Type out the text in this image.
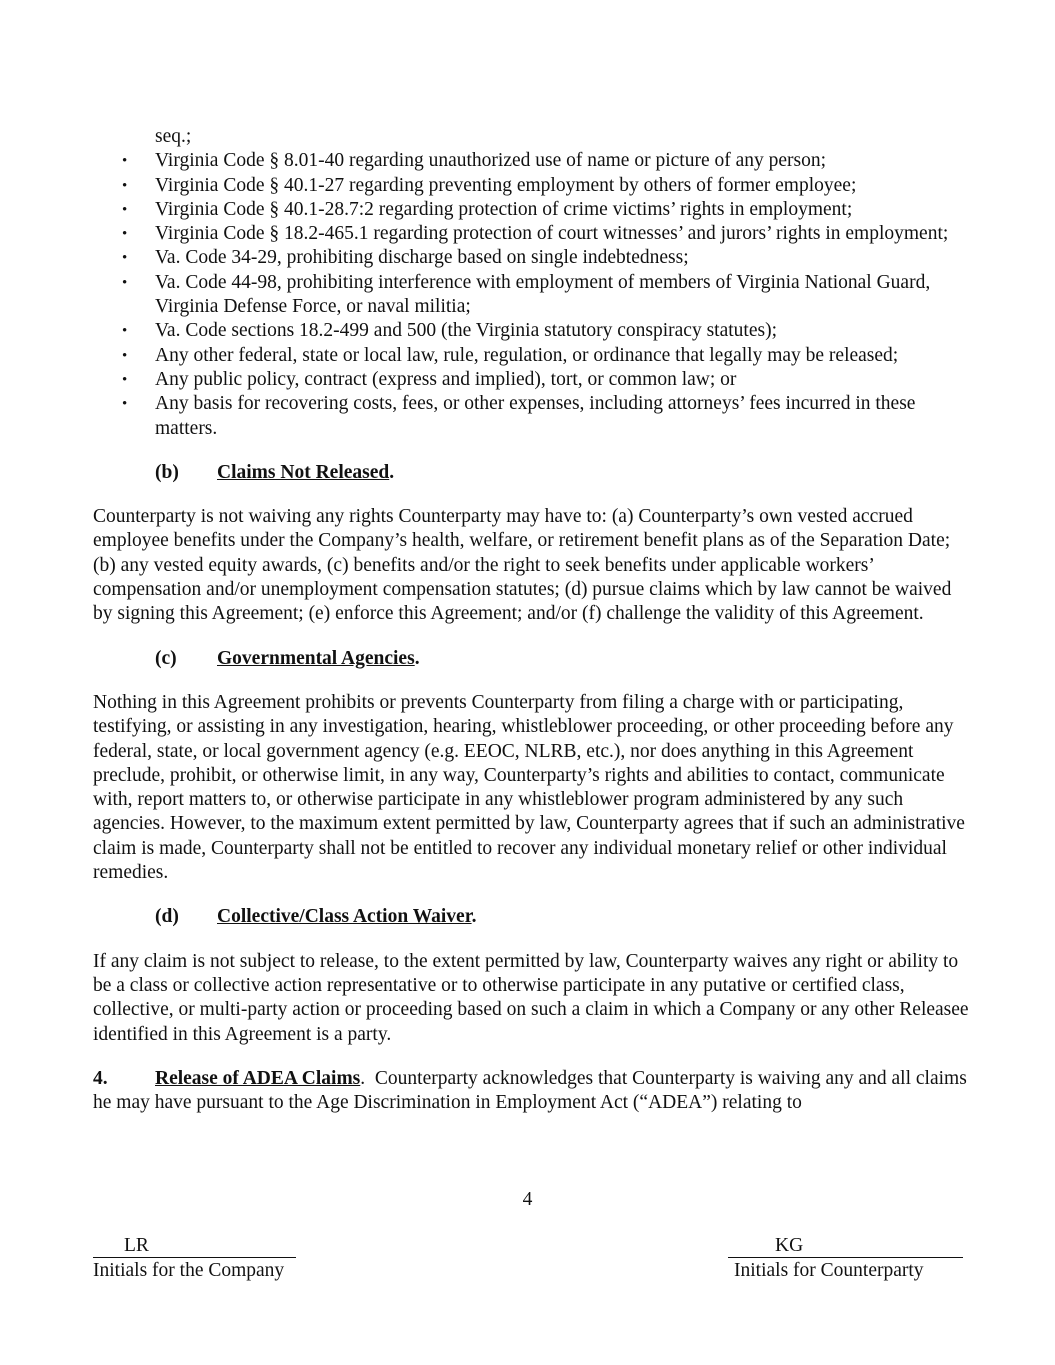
seq.;
• Virginia Code § 8.01-40 regarding unauthorized use of name or picture of any person;
• Virginia Code § 40.1-27 regarding preventing employment by others of former employee;
• Virginia Code § 40.1-28.7:2 regarding protection of crime victims’ rights in employment;
• Virginia Code § 18.2-465.1 regarding protection of court witnesses’ and jurors’ rights in employment;
• Va. Code 34-29, prohibiting discharge based on single indebtedness;
• Va. Code 44-98, prohibiting interference with employment of members of Virginia National Guard, Virginia Defense Force, or naval militia;
• Va. Code sections 18.2-499 and 500 (the Virginia statutory conspiracy statutes);
• Any other federal, state or local law, rule, regulation, or ordinance that legally may be released;
• Any public policy, contract (express and implied), tort, or common law; or
• Any basis for recovering costs, fees, or other expenses, including attorneys’ fees incurred in these matters.
(b) Claims Not Released.

Counterparty is not waiving any rights Counterparty may have to: (a) Counterparty’s own vested accrued employee benefits under the Company’s health, welfare, or retirement benefit plans as of the Separation Date; (b) any vested equity awards, (c) benefits and/or the right to seek benefits under applicable workers’ compensation and/or unemployment compensation statutes; (d) pursue claims which by law cannot be waived by signing this Agreement; (e) enforce this Agreement; and/or (f) challenge the validity of this Agreement.

(c) Governmental Agencies.

Nothing in this Agreement prohibits or prevents Counterparty from filing a charge with or participating, testifying, or assisting in any investigation, hearing, whistleblower proceeding, or other proceeding before any federal, state, or local government agency (e.g. EEOC, NLRB, etc.), nor does anything in this Agreement preclude, prohibit, or otherwise limit, in any way, Counterparty’s rights and abilities to contact, communicate with, report matters to, or otherwise participate in any whistleblower program administered by any such agencies. However, to the maximum extent permitted by law, Counterparty agrees that if such an administrative claim is made, Counterparty shall not be entitled to recover any individual monetary relief or other individual remedies.

(d) Collective/Class Action Waiver.

If any claim is not subject to release, to the extent permitted by law, Counterparty waives any right or ability to be a class or collective action representative or to otherwise participate in any putative or certified class, collective, or multi-party action or proceeding based on such a claim in which a Company or any other Releasee identified in this Agreement is a party.

4. Release of ADEA Claims.  Counterparty acknowledges that Counterparty is waiving any and all claims he may have pursuant to the Age Discrimination in Employment Act (“ADEA”) relating to

4
LR
Initials for the Company
KG
Initials for Counterparty
